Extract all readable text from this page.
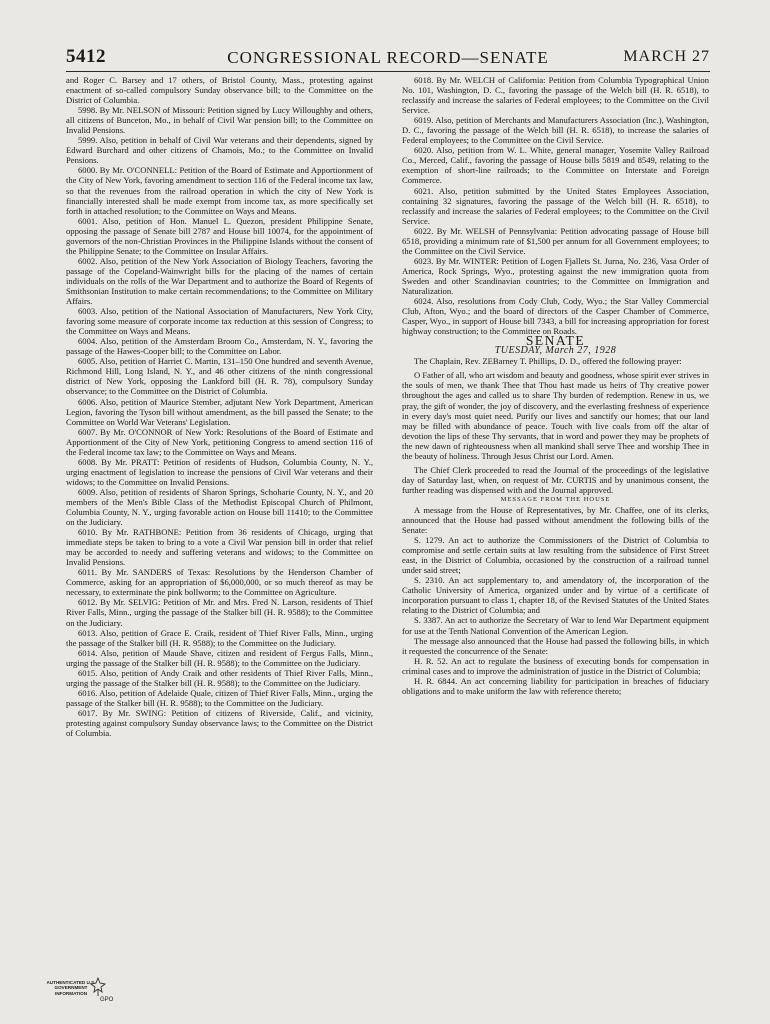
5412	CONGRESSIONAL RECORD—SENATE	MARCH 27

and Roger C. Barsey and 17 others, of Bristol County, Mass., protesting against enactment of so-called compulsory Sunday observance bill; to the Committee on the District of Columbia.

5998. By Mr. NELSON of Missouri: Petition signed by Lucy Willoughby and others, all citizens of Bunceton, Mo., in behalf of Civil War pension bill; to the Committee on Invalid Pensions.

5999. Also, petition in behalf of Civil War veterans and their dependents, signed by Edward Burchard and other citizens of Chamois, Mo.; to the Committee on Invalid Pensions.

6000. By Mr. O'CONNELL: Petition of the Board of Estimate and Apportionment of the City of New York, favoring amendment to section 116 of the Federal income tax law, so that the revenues from the railroad operation in which the city of New York is financially interested shall be made exempt from income tax, as more specifically set forth in attached resolution; to the Committee on Ways and Means.

6001. Also, petition of Hon. Manuel L. Quezon, president Philippine Senate, opposing the passage of Senate bill 2787 and House bill 10074, for the appointment of governors of the non-Christian Provinces in the Philippine Islands without the consent of the Philippine Senate; to the Committee on Insular Affairs.

6002. Also, petition of the New York Association of Biology Teachers, favoring the passage of the Copeland-Wainwright bills for the placing of the names of certain individuals on the rolls of the War Department and to authorize the Board of Regents of Smithsonian Institution to make certain recommendations; to the Committee on Military Affairs.

6003. Also, petition of the National Association of Manufacturers, New York City, favoring some measure of corporate income tax reduction at this session of Congress; to the Committee on Ways and Means.

6004. Also, petition of the Amsterdam Broom Co., Amsterdam, N. Y., favoring the passage of the Hawes-Cooper bill; to the Committee on Labor.

6005. Also, petition of Harriet C. Martin, 131–150 One hundred and seventh Avenue, Richmond Hill, Long Island, N. Y., and 46 other citizens of the ninth congressional district of New York, opposing the Lankford bill (H. R. 78), compulsory Sunday observance; to the Committee on the District of Columbia.

6006. Also, petition of Maurice Stember, adjutant New York Department, American Legion, favoring the Tyson bill without amendment, as the bill passed the Senate; to the Committee on World War Veterans' Legislation.

6007. By Mr. O'CONNOR of New York: Resolutions of the Board of Estimate and Apportionment of the City of New York, petitioning Congress to amend section 116 of the Federal income tax law; to the Committee on Ways and Means.

6008. By Mr. PRATT: Petition of residents of Hudson, Columbia County, N. Y., urging enactment of legislation to increase the pensions of Civil War veterans and their widows; to the Committee on Invalid Pensions.

6009. Also, petition of residents of Sharon Springs, Schoharie County, N. Y., and 20 members of the Men's Bible Class of the Methodist Episcopal Church of Philmont, Columbia County, N. Y., urging favorable action on House bill 11410; to the Committee on the Judiciary.

6010. By Mr. RATHBONE: Petition from 36 residents of Chicago, urging that immediate steps be taken to bring to a vote a Civil War pension bill in order that relief may be accorded to needy and suffering veterans and widows; to the Committee on Invalid Pensions.

6011. By Mr. SANDERS of Texas: Resolutions by the Henderson Chamber of Commerce, asking for an appropriation of $6,000,000, or so much thereof as may be necessary, to exterminate the pink bollworm; to the Committee on Agriculture.

6012. By Mr. SELVIG: Petition of Mr. and Mrs. Fred N. Larson, residents of Thief River Falls, Minn., urging the passage of the Stalker bill (H. R. 9588); to the Committee on the Judiciary.

6013. Also, petition of Grace E. Craik, resident of Thief River Falls, Minn., urging the passage of the Stalker bill (H. R. 9588); to the Committee on the Judiciary.

6014. Also, petition of Maude Shave, citizen and resident of Fergus Falls, Minn., urging the passage of the Stalker bill (H. R. 9588); to the Committee on the Judiciary.

6015. Also, petition of Andy Craik and other residents of Thief River Falls, Minn., urging the passage of the Stalker bill (H. R. 9588); to the Committee on the Judiciary.

6016. Also, petition of Adelaide Quale, citizen of Thief River Falls, Minn., urging the passage of the Stalker bill (H. R. 9588); to the Committee on the Judiciary.

6017. By Mr. SWING: Petition of citizens of Riverside, Calif., and vicinity, protesting against compulsory Sunday observance laws; to the Committee on the District of Columbia.

6018. By Mr. WELCH of California: Petition from Columbia Typographical Union No. 101, Washington, D. C., favoring the passage of the Welch bill (H. R. 6518), to reclassify and increase the salaries of Federal employees; to the Committee on the Civil Service.

6019. Also, petition of Merchants and Manufacturers Association (Inc.), Washington, D. C., favoring the passage of the Welch bill (H. R. 6518), to increase the salaries of Federal employees; to the Committee on the Civil Service.

6020. Also, petition from W. L. White, general manager, Yosemite Valley Railroad Co., Merced, Calif., favoring the passage of House bills 5819 and 8549, relating to the exemption of short-line railroads; to the Committee on Interstate and Foreign Commerce.

6021. Also, petition submitted by the United States Employees Association, containing 32 signatures, favoring the passage of the Welch bill (H. R. 6518), to reclassify and increase the salaries of Federal employees; to the Committee on the Civil Service.

6022. By Mr. WELSH of Pennsylvania: Petition advocating passage of House bill 6518, providing a minimum rate of $1,500 per annum for all Government employees; to the Committee on the Civil Service.

6023. By Mr. WINTER: Petition of Logen Fjallets St. Jurna, No. 236, Vasa Order of America, Rock Springs, Wyo., protesting against the new immigration quota from Sweden and other Scandinavian countries; to the Committee on Immigration and Naturalization.

6024. Also, resolutions from Cody Club, Cody, Wyo.; the Star Valley Commercial Club, Afton, Wyo.; and the board of directors of the Casper Chamber of Commerce, Casper, Wyo., in support of House bill 7343, a bill for increasing appropriation for forest highway construction; to the Committee on Roads.

SENATE

TUESDAY, March 27, 1928

The Chaplain, Rev. ZEBarney T. Phillips, D. D., offered the following prayer:

O Father of all, who art wisdom and beauty and goodness, whose spirit ever strives in the souls of men, we thank Thee that Thou hast made us heirs of Thy creative power throughout the ages and called us to share Thy burden of redemption. Renew in us, we pray, the gift of wonder, the joy of discovery, and the everlasting freshness of experience in every day's most quiet need. Purify our lives and sanctify our homes; that our land may be filled with abundance of peace. Touch with live coals from off the altar of devotion the lips of these Thy servants, that in word and power they may be prophets of the new dawn of righteousness when all mankind shall serve Thee and worship Thee in the beauty of holiness. Through Jesus Christ our Lord. Amen.

The Chief Clerk proceeded to read the Journal of the proceedings of the legislative day of Saturday last, when, on request of Mr. CURTIS and by unanimous consent, the further reading was dispensed with and the Journal approved.

MESSAGE FROM THE HOUSE

A message from the House of Representatives, by Mr. Chaffee, one of its clerks, announced that the House had passed without amendment the following bills of the Senate:

S. 1279. An act to authorize the Commissioners of the District of Columbia to compromise and settle certain suits at law resulting from the subsidence of First Street east, in the District of Columbia, occasioned by the construction of a railroad tunnel under said street;

S. 2310. An act supplementary to, and amendatory of, the incorporation of the Catholic University of America, organized under and by virtue of a certificate of incorporation pursuant to class 1, chapter 18, of the Revised Statutes of the United States relating to the District of Columbia; and

S. 3387. An act to authorize the Secretary of War to lend War Department equipment for use at the Tenth National Convention of the American Legion.

The message also announced that the House had passed the following bills, in which it requested the concurrence of the Senate:

H. R. 52. An act to regulate the business of executing bonds for compensation in criminal cases and to improve the administration of justice in the District of Columbia;

H. R. 6844. An act concerning liability for participation in breaches of fiduciary obligations and to make uniform the law with reference thereto;

AUTHENTICATED U.S. GOVERNMENT INFORMATION
GPO
